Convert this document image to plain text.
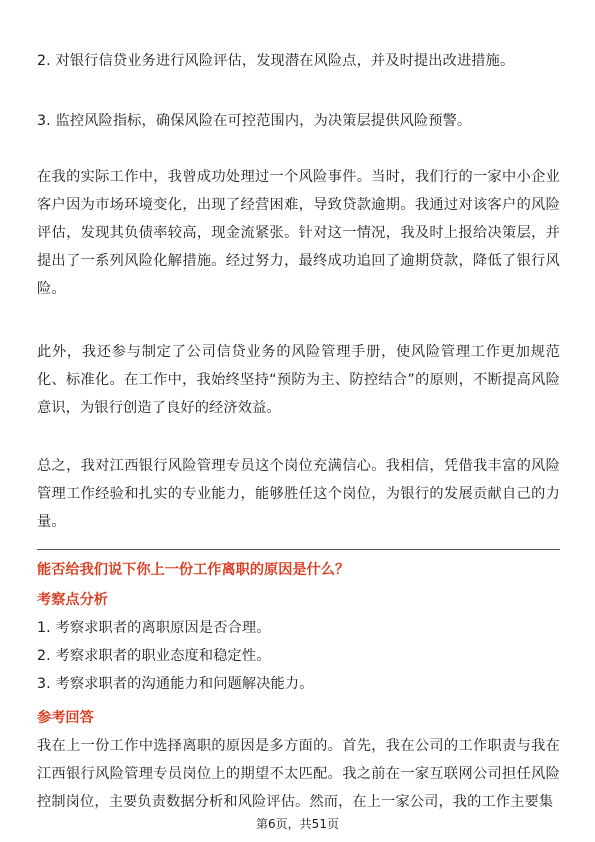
2. 对银行信贷业务进行风险评估，发现潜在风险点，并及时提出改进措施。

3. 监控风险指标，确保风险在可控范围内，为决策层提供风险预警。

在我的实际工作中，我曾成功处理过一个风险事件。当时，我们行的一家中小企业客户因为市场环境变化，出现了经营困难，导致贷款逾期。我通过对该客户的风险评估，发现其负债率较高，现金流紧张。针对这一情况，我及时上报给决策层，并提出了一系列风险化解措施。经过努力，最终成功追回了逾期贷款，降低了银行风险。

此外，我还参与制定了公司信贷业务的风险管理手册，使风险管理工作更加规范化、标准化。在工作中，我始终坚持“预防为主、防控结合”的原则，不断提高风险意识，为银行创造了良好的经济效益。

总之，我对江西银行风险管理专员这个岗位充满信心。我相信，凭借我丰富的风险管理工作经验和扎实的专业能力，能够胜任这个岗位，为银行的发展贡献自己的力量。

能否给我们说下你上一份工作离职的原因是什么？

考察点分析

1. 考察求职者的离职原因是否合理。
2. 考察求职者的职业态度和稳定性。
3. 考察求职者的沟通能力和问题解决能力。

参考回答

我在上一份工作中选择离职的原因是多方面的。首先，我在公司的工作职责与我在江西银行风险管理专员岗位上的期望不太匹配。我之前在一家互联网公司担任风险控制岗位，主要负责数据分析和风险评估。然而，在上一家公司，我的工作主要集

第6页，共51页
